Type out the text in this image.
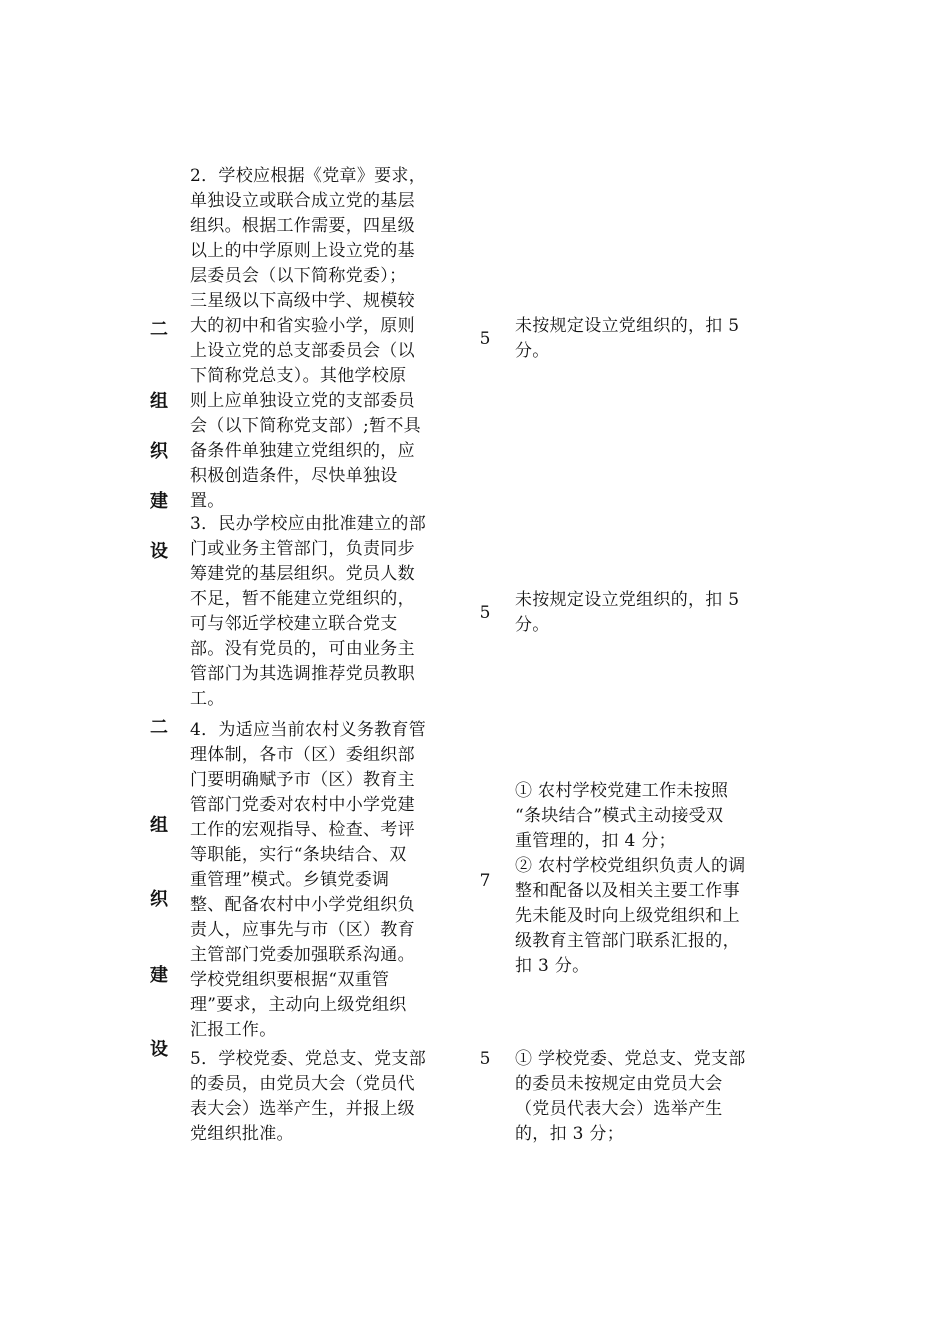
二
组
织
建
设
二
组
织
建
设
2．学校应根据《党章》要求，
单独设立或联合成立党的基层
组织。根据工作需要，四星级
以上的中学原则上设立党的基
层委员会（以下简称党委）；
三星级以下高级中学、规模较
大的初中和省实验小学，原则
上设立党的总支部委员会（以
下简称党总支）。其他学校原
则上应单独设立党的支部委员
会（以下简称党支部）;暂不具
备条件单独建立党组织的，应
积极创造条件，尽快单独设
置。
5
未按规定设立党组织的，扣 5
分。
3．民办学校应由批准建立的部
门或业务主管部门，负责同步
筹建党的基层组织。党员人数
不足，暂不能建立党组织的，
可与邻近学校建立联合党支
部。没有党员的，可由业务主
管部门为其选调推荐党员教职
工。
5
未按规定设立党组织的，扣 5
分。
4．为适应当前农村义务教育管
理体制，各市（区）委组织部
门要明确赋予市（区）教育主
管部门党委对农村中小学党建
工作的宏观指导、检查、考评
等职能，实行“条块结合、双
重管理”模式。乡镇党委调
整、配备农村中小学党组织负
责人，应事先与市（区）教育
主管部门党委加强联系沟通。
学校党组织要根据“双重管
理”要求，主动向上级党组织
汇报工作。
7
① 农村学校党建工作未按照
“条块结合”模式主动接受双
重管理的，扣 4 分；
② 农村学校党组织负责人的调
整和配备以及相关主要工作事
先未能及时向上级党组织和上
级教育主管部门联系汇报的，
扣 3 分。
5．学校党委、党总支、党支部
的委员，由党员大会（党员代
表大会）选举产生，并报上级
党组织批准。
5 ① 学校党委、党总支、党支部
的委员未按规定由党员大会
（党员代表大会）选举产生
的，扣 3 分；
